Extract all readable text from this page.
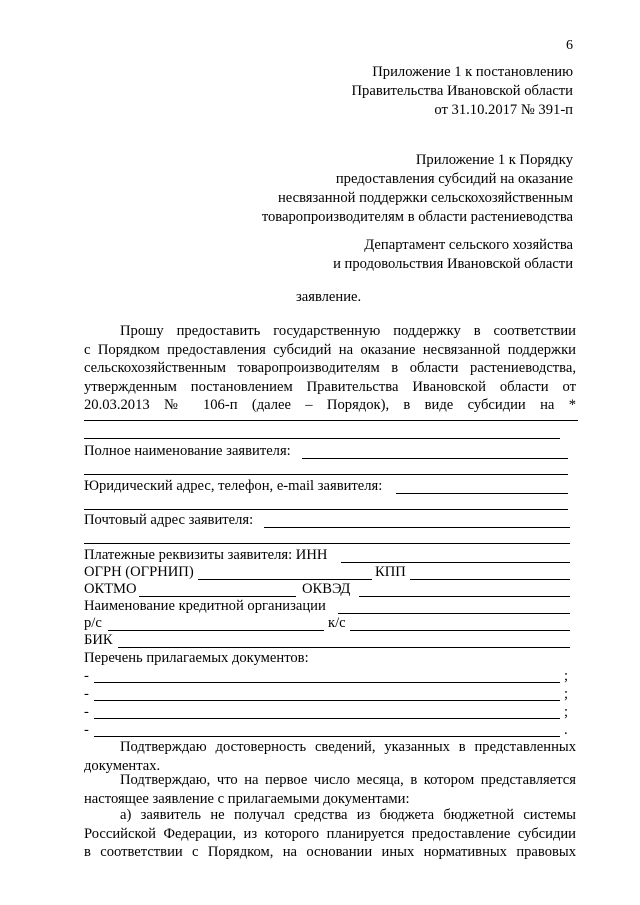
6
Приложение 1 к постановлению
Правительства Ивановской области
от 31.10.2017 № 391-п
Приложение 1 к Порядку
предоставления субсидий на оказание
несвязанной поддержки сельскохозяйственным
товаропроизводителям в области растениеводства
Департамент сельского хозяйства
и продовольствия Ивановской области
заявление.
Прошу предоставить государственную поддержку в соответствии
с Порядком предоставления субсидий на оказание несвязанной поддержки
сельскохозяйственным товаропроизводителям в области растениеводства,
утвержденным постановлением Правительства Ивановской области от
20.03.2013 № 106-п (далее – Порядок), в виде субсидии на *
Полное наименование заявителя:
Юридический адрес, телефон, e-mail заявителя:
Почтовый адрес заявителя:
Платежные реквизиты заявителя: ИНН
ОГРН (ОГРНИП)	КПП
ОКТМО	ОКВЭД
Наименование кредитной организации
р/с	к/с
БИК
Перечень прилагаемых документов:
-	;
-	;
-	;
-	.
Подтверждаю достоверность сведений, указанных в представленных
документах.
Подтверждаю, что на первое число месяца, в котором представляется
настоящее заявление с прилагаемыми документами:
а) заявитель не получал средства из бюджета бюджетной системы
Российской Федерации, из которого планируется предоставление субсидии
в соответствии с Порядком, на основании иных нормативных правовых
